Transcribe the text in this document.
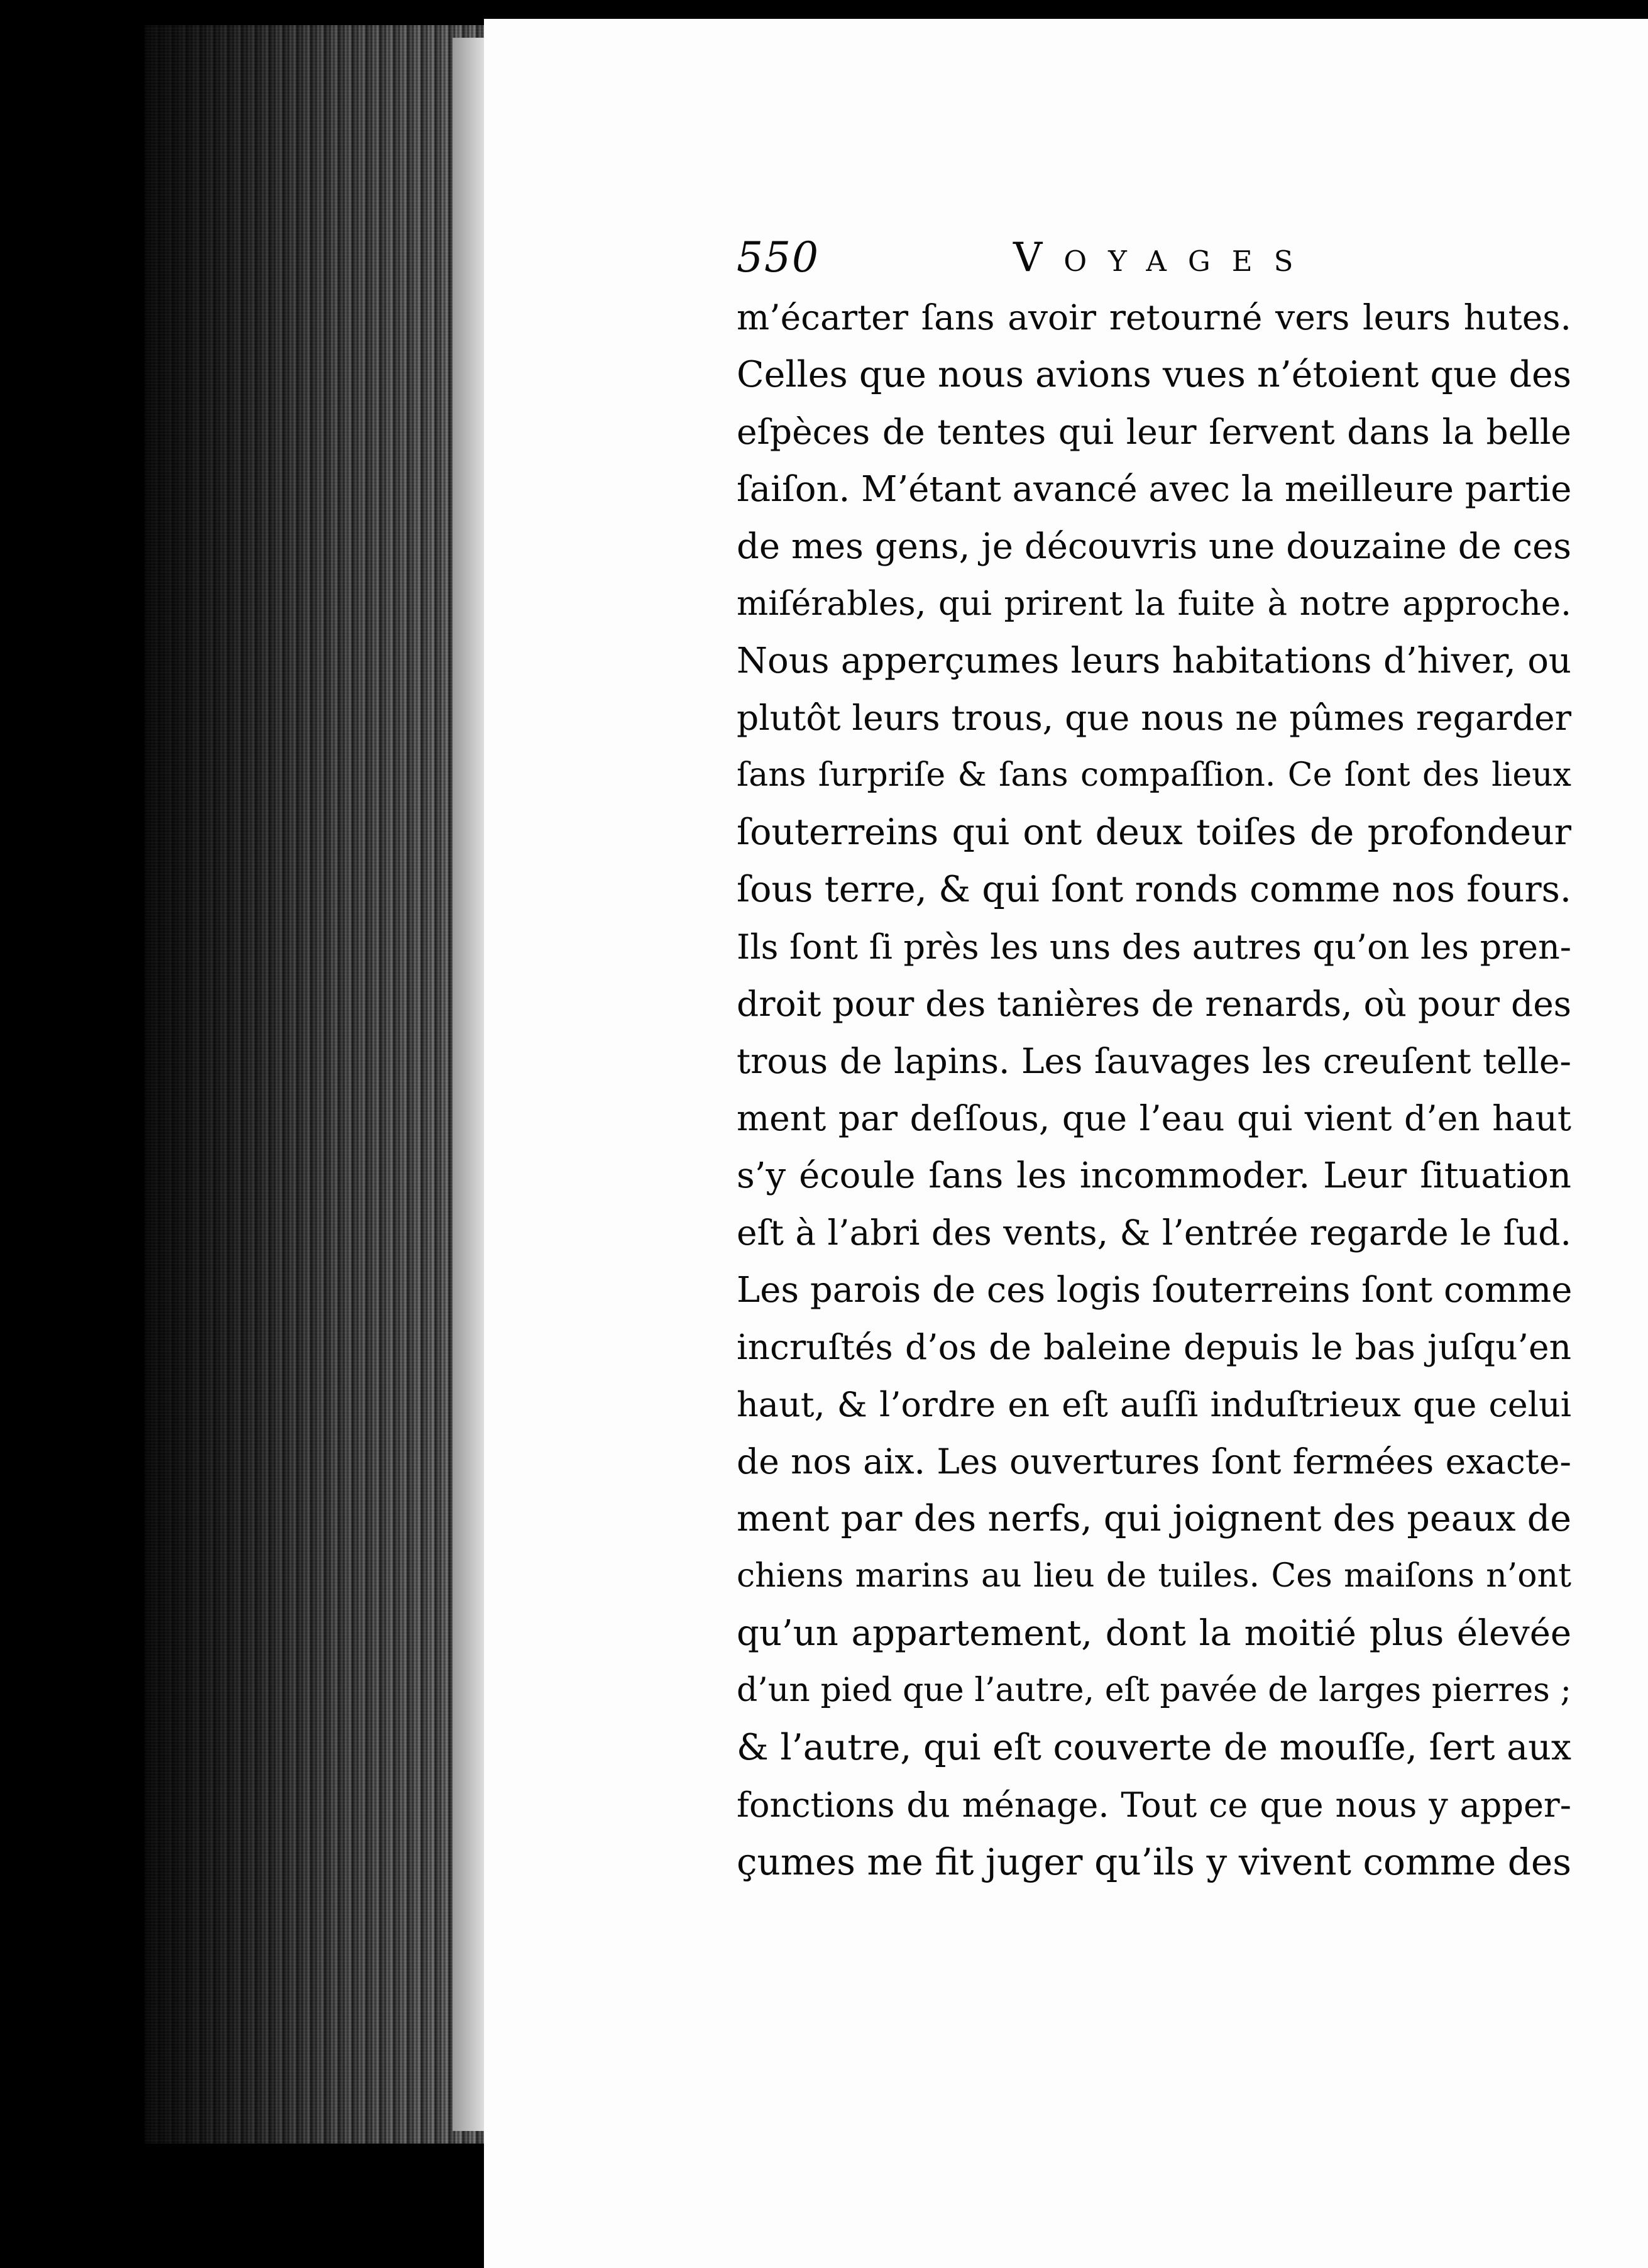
550	Voyages
m’écarter ſans avoir retourné vers leurs hutes.
Celles que nous avions vues n’étoient que des
eſpèces de tentes qui leur ſervent dans la belle
ſaiſon. M’étant avancé avec la meilleure partie
de mes gens, je découvris une douzaine de ces
miſérables, qui prirent la fuite à notre approche.
Nous apperçumes leurs habitations d’hiver, ou
plutôt leurs trous, que nous ne pûmes regarder
ſans ſurpriſe & ſans compaſſion. Ce ſont des lieux
ſouterreins qui ont deux toiſes de profondeur
ſous terre, & qui ſont ronds comme nos fours.
Ils ſont ſi près les uns des autres qu’on les pren-
droit pour des tanières de renards, où pour des
trous de lapins. Les ſauvages les creuſent telle-
ment par deſſous, que l’eau qui vient d’en haut
s’y écoule ſans les incommoder. Leur ſituation
eſt à l’abri des vents, & l’entrée regarde le ſud.
Les parois de ces logis ſouterreins ſont comme
incruſtés d’os de baleine depuis le bas juſqu’en
haut, & l’ordre en eſt auſſi induſtrieux que celui
de nos aix. Les ouvertures ſont fermées exacte-
ment par des nerfs, qui joignent des peaux de
chiens marins au lieu de tuiles. Ces maiſons n’ont
qu’un appartement, dont la moitié plus élevée
d’un pied que l’autre, eſt pavée de larges pierres ;
& l’autre, qui eſt couverte de mouſſe, ſert aux
fonctions du ménage. Tout ce que nous y apper-
çumes me fit juger qu’ils y vivent comme des
